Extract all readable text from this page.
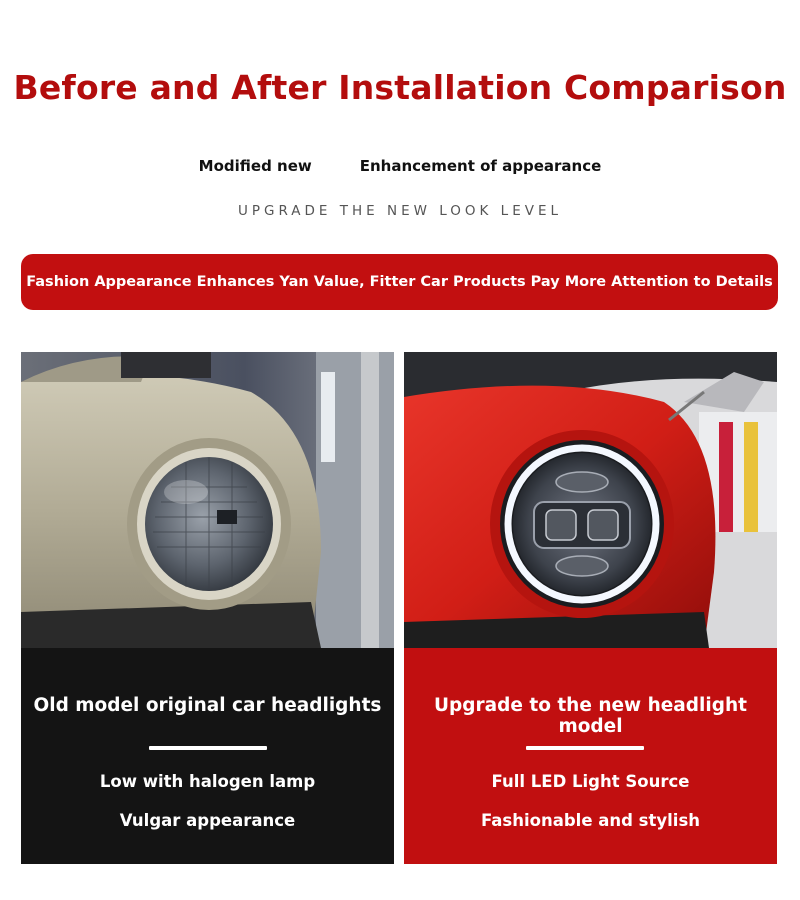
Before and After Installation Comparison
Modified new	Enhancement of appearance
UPGRADE THE NEW LOOK LEVEL
Fashion Appearance Enhances Yan Value, Fitter Car Products Pay More Attention to Details
Old model original car headlights
Low with halogen lamp
Vulgar appearance
Upgrade to the new headlight model
Full LED Light Source
Fashionable and stylish
